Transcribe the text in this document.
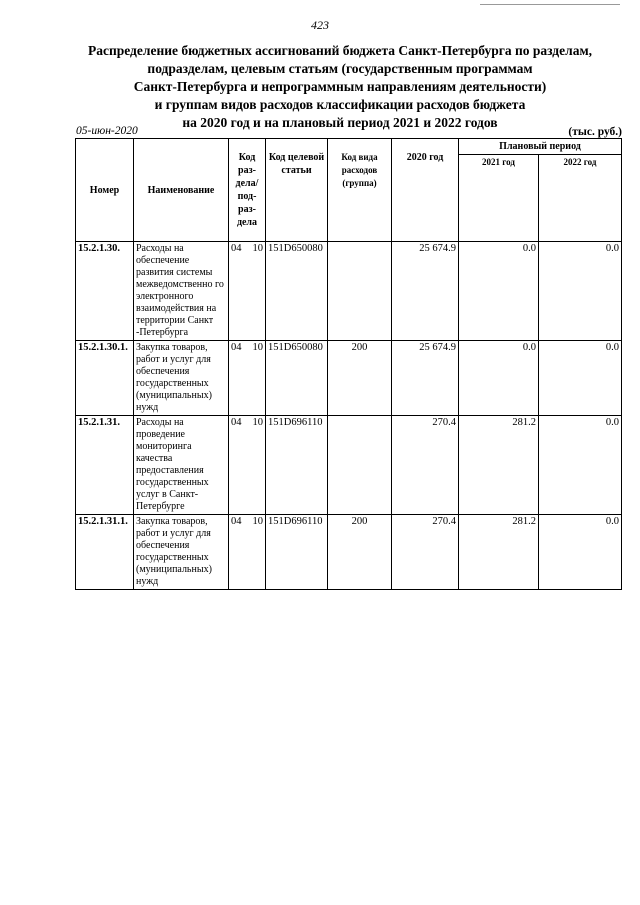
423
Распределение бюджетных ассигнований бюджета Санкт-Петербурга по разделам,
подразделам, целевым статьям (государственным программам
Санкт-Петербурга и непрограммным направлениям деятельности)
и группам видов расходов классификации расходов бюджета
на 2020 год и на плановый период 2021 и 2022 годов
05-июн-2020	(тыс. руб.)
Номер	Наименование	Код раз-дела/ под-раз-дела	Код целевой статьи	Код вида расходов (группа)	2020 год	Плановый период	
						2021 год	2022 год
15.2.1.30.	Расходы на обеспечение развития системы межведомственно го электронного взаимодействия на территории Санкт -Петербурга	04 10	151D650080		25 674.9	0.0	0.0
15.2.1.30.1.	Закупка товаров, работ и услуг для обеспечения государственных (муниципальных) нужд	04 10	151D650080	200	25 674.9	0.0	0.0
15.2.1.31.	Расходы на проведение мониторинга качества предоставления государственных услуг в Санкт-Петербурге	04 10	151D696110		270.4	281.2	0.0
15.2.1.31.1.	Закупка товаров, работ и услуг для обеспечения государственных (муниципальных) нужд	04 10	151D696110	200	270.4	281.2	0.0
